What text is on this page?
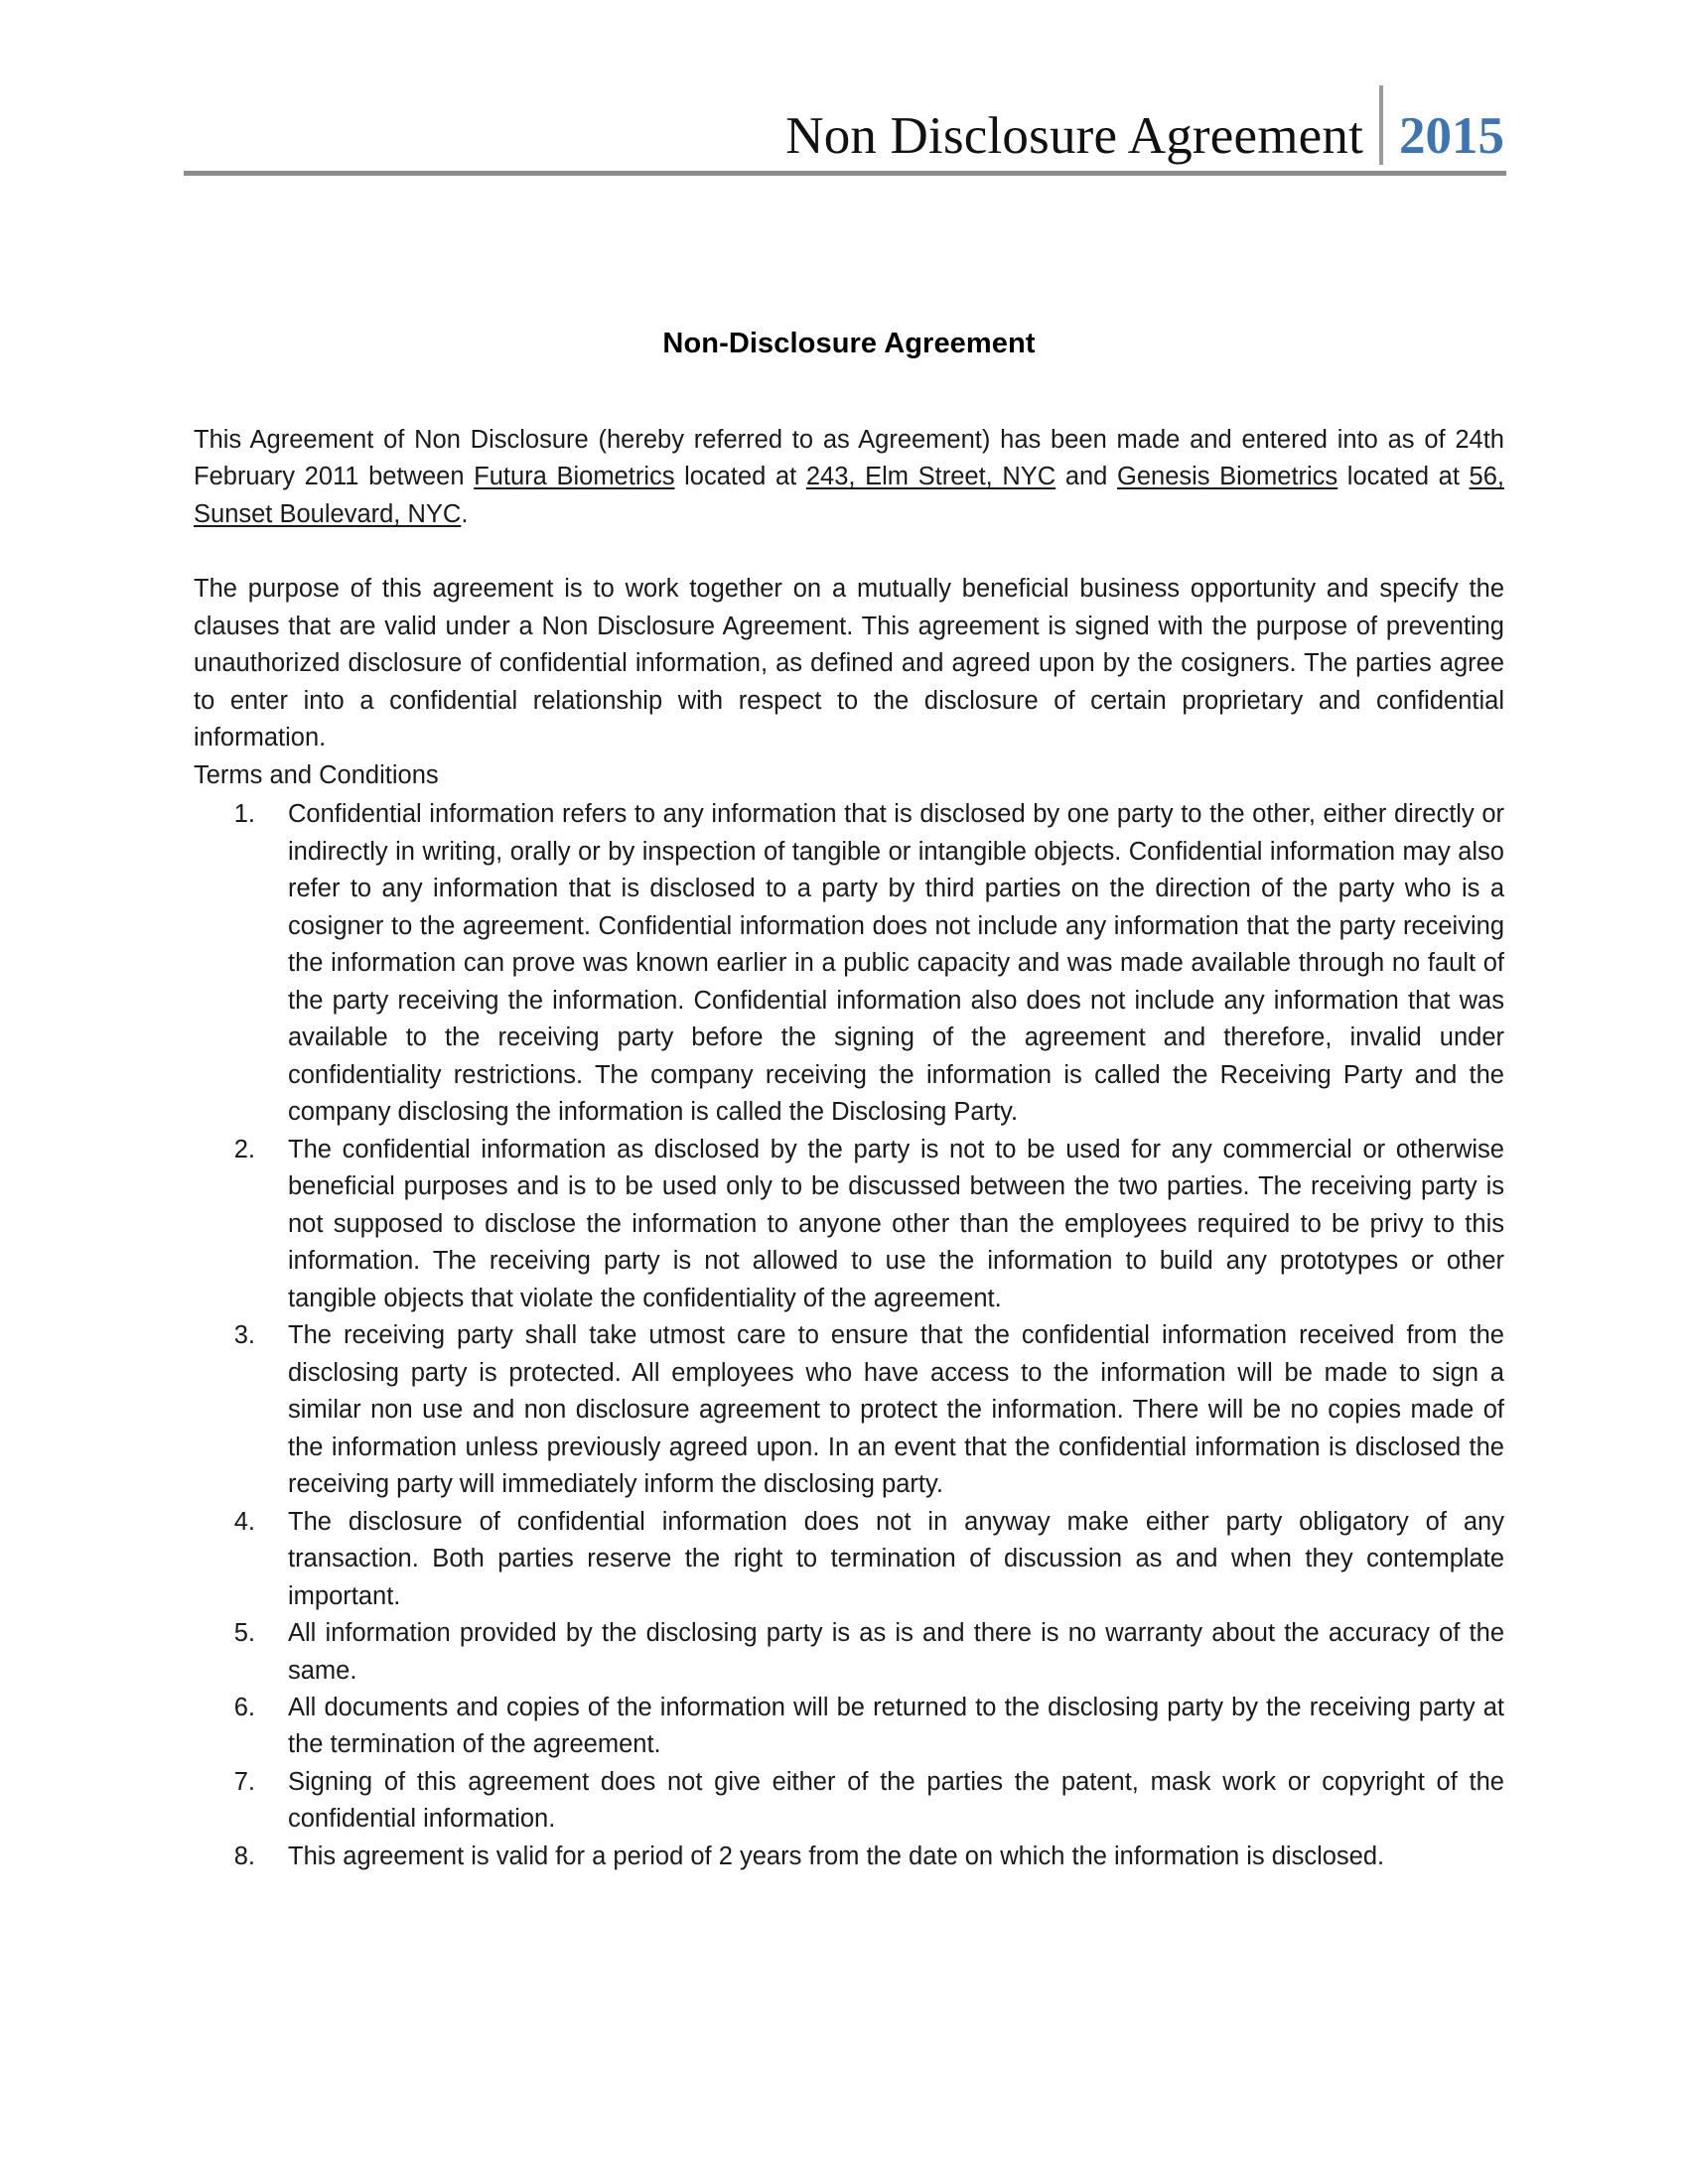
Non Disclosure Agreement 2015
Non-Disclosure Agreement

This Agreement of Non Disclosure (hereby referred to as Agreement) has been made and entered into as of 24th February 2011 between Futura Biometrics located at 243, Elm Street, NYC and Genesis Biometrics located at 56, Sunset Boulevard, NYC.

The purpose of this agreement is to work together on a mutually beneficial business opportunity and specify the clauses that are valid under a Non Disclosure Agreement. This agreement is signed with the purpose of preventing unauthorized disclosure of confidential information, as defined and agreed upon by the cosigners. The parties agree to enter into a confidential relationship with respect to the disclosure of certain proprietary and confidential information.

Terms and Conditions

1. Confidential information refers to any information that is disclosed by one party to the other, either directly or indirectly in writing, orally or by inspection of tangible or intangible objects. Confidential information may also refer to any information that is disclosed to a party by third parties on the direction of the party who is a cosigner to the agreement. Confidential information does not include any information that the party receiving the information can prove was known earlier in a public capacity and was made available through no fault of the party receiving the information. Confidential information also does not include any information that was available to the receiving party before the signing of the agreement and therefore, invalid under confidentiality restrictions. The company receiving the information is called the Receiving Party and the company disclosing the information is called the Disclosing Party.
2. The confidential information as disclosed by the party is not to be used for any commercial or otherwise beneficial purposes and is to be used only to be discussed between the two parties. The receiving party is not supposed to disclose the information to anyone other than the employees required to be privy to this information. The receiving party is not allowed to use the information to build any prototypes or other tangible objects that violate the confidentiality of the agreement.
3. The receiving party shall take utmost care to ensure that the confidential information received from the disclosing party is protected. All employees who have access to the information will be made to sign a similar non use and non disclosure agreement to protect the information. There will be no copies made of the information unless previously agreed upon. In an event that the confidential information is disclosed the receiving party will immediately inform the disclosing party.
4. The disclosure of confidential information does not in anyway make either party obligatory of any transaction. Both parties reserve the right to termination of discussion as and when they contemplate important.
5. All information provided by the disclosing party is as is and there is no warranty about the accuracy of the same.
6. All documents and copies of the information will be returned to the disclosing party by the receiving party at the termination of the agreement.
7. Signing of this agreement does not give either of the parties the patent, mask work or copyright of the confidential information.
8. This agreement is valid for a period of 2 years from the date on which the information is disclosed.
